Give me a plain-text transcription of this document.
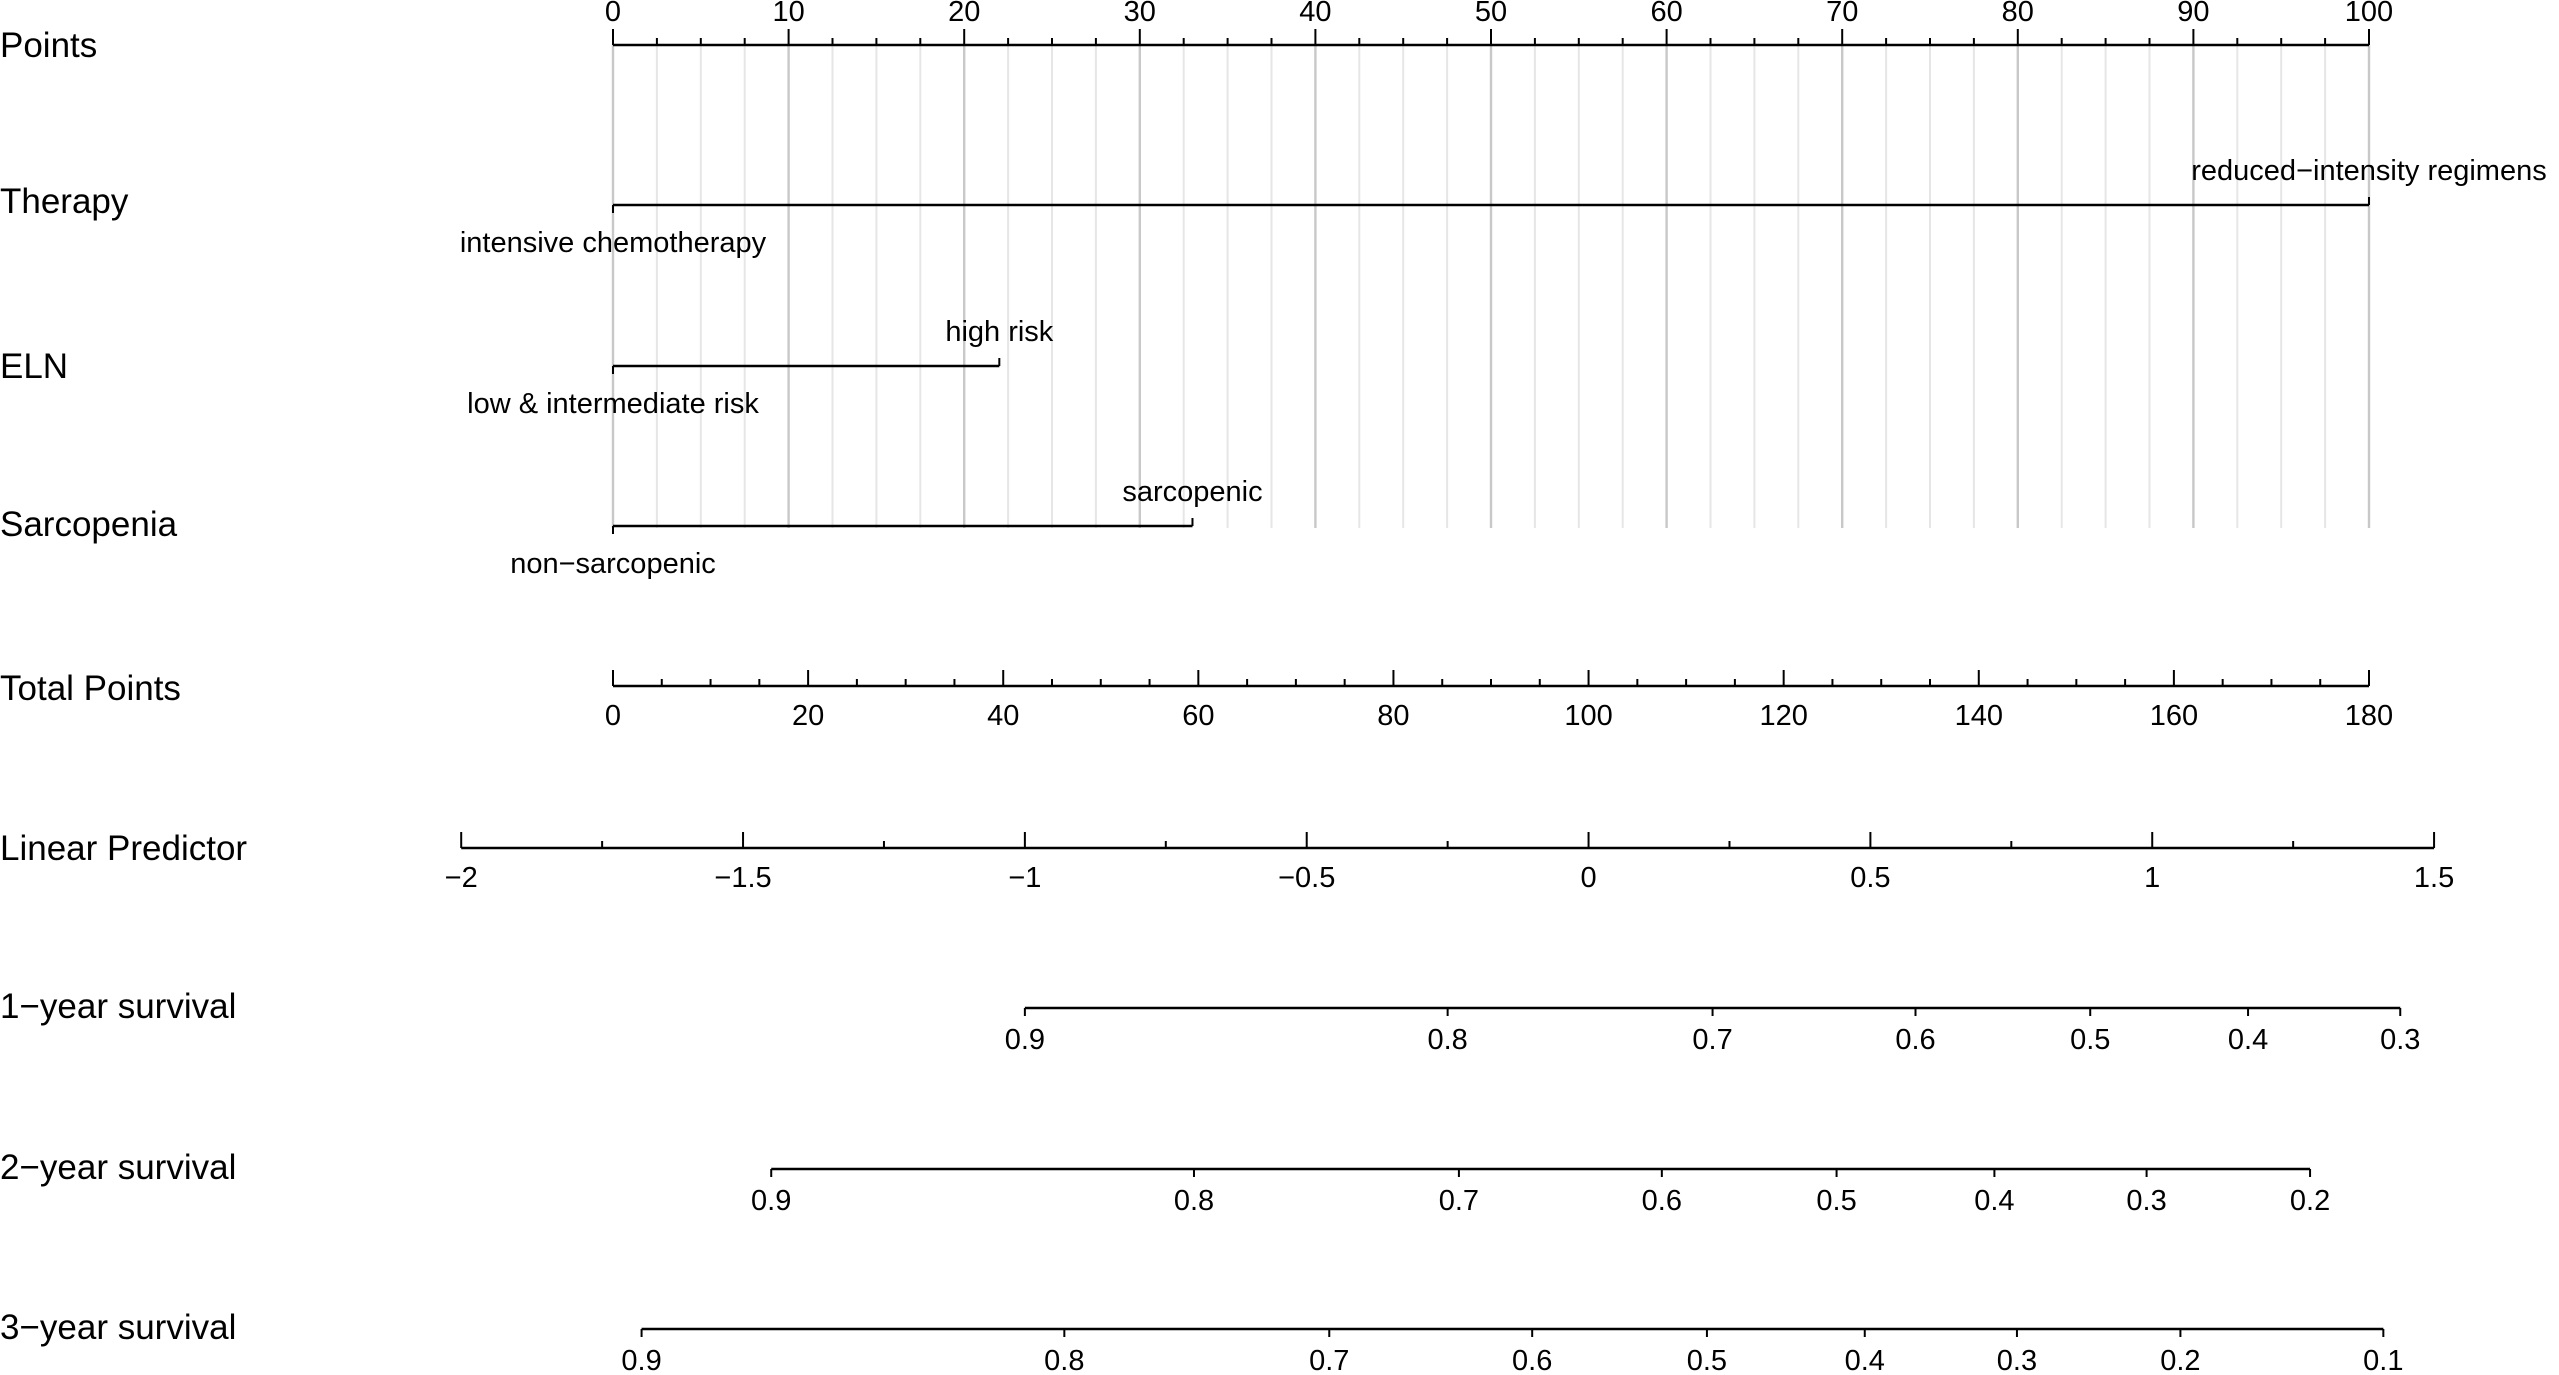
Points
Therapy
ELN
Sarcopenia
Total Points
Linear Predictor
1−year survival
2−year survival
3−year survival
0	10	20	30	40	50	60	70	80	90	100
intensive chemotherapy
reduced−intensity regimens
low & intermediate risk
high risk
non−sarcopenic
sarcopenic
0	20	40	60	80	100	120	140	160	180
−2	−1.5	−1	−0.5	0	0.5	1	1.5
0.9	0.8	0.7	0.6	0.5	0.4	0.3
0.9	0.8	0.7	0.6	0.5	0.4	0.3	0.2
0.9	0.8	0.7	0.6	0.5	0.4	0.3	0.2	0.1
